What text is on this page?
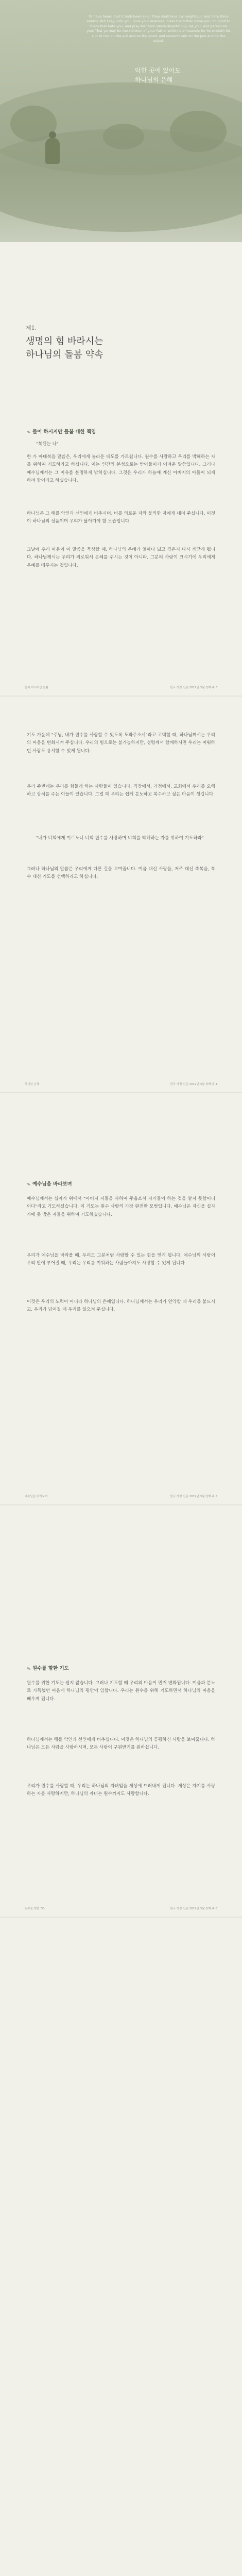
Ye have heard that it hath been said, Thou shalt love thy neighbour, and hate thine enemy. But I say unto you, Love your enemies, bless them that curse you, do good to them that hate you, and pray for them which despitefully use you, and persecute you; That ye may be the children of your Father which is in heaven: for he maketh his sun to rise on the evil and on the good, and sendeth rain on the just and on the unjust.
악한 곳에 있어도
하나님의 은혜
제1.
생명의 힘 바라시는
하나님의 돌봄 약속
들어 하시지만 돌봄 대한 책임
"복된는 나"
한 가 마태복음 말씀은, 우리에게 놀라운 태도를 가르칩니다. 원수를 사랑하고 우리를 박해하는 자를 위하여 기도하라고 하십니다. 이는 인간의 본성으로는 받아들이기 어려운 말씀입니다. 그러나 예수님께서는 그 이유를 분명하게 밝히십니다. 그것은 우리가 하늘에 계신 아버지의 아들이 되게 하려 함이라고 하셨습니다.
하나님은 그 해를 악인과 선인에게 비추시며, 비를 의로운 자와 불의한 자에게 내려 주십니다. 이것이 하나님의 성품이며 우리가 닮아가야 할 모습입니다.
그날에 우리 마음이 이 말씀을 묵상할 때, 하나님의 은혜가 얼마나 넓고 깊은지 다시 깨닫게 됩니다. 하나님께서는 우리가 의로워서 은혜를 주시는 것이 아니라, 그분의 사랑이 크시기에 우리에게 은혜를 베푸시는 것입니다.
들어 하시지만 돌봄	한국 가정 신문 2019년 3월 첫째 주 3
기도 가운데 "주님, 내가 원수를 사랑할 수 있도록 도와주소서"라고 고백할 때, 하나님께서는 우리의 마음을 변화시켜 주십니다. 우리의 힘으로는 불가능하지만, 성령께서 함께하시면 우리는 미워하던 사람도 용서할 수 있게 됩니다.
우리 주변에는 우리를 힘들게 하는 사람들이 있습니다. 직장에서, 가정에서, 교회에서 우리를 오해하고 상처를 주는 이들이 있습니다. 그럴 때 우리는 쉽게 분노하고 복수하고 싶은 마음이 생깁니다.
"내가 너희에게 이르노니 너희 원수를 사랑하며 너희를 박해하는 자를 위하여 기도하라"
그러나 하나님의 말씀은 우리에게 다른 길을 보여줍니다. 미움 대신 사랑을, 저주 대신 축복을, 복수 대신 기도를 선택하라고 하십니다.
하나님 은혜	한국 가정 신문 2019년 3월 첫째 주 4
예수님을 바라보며
예수님께서는 십자가 위에서 "아버지 저들을 사하여 주옵소서 자기들이 하는 것을 알지 못함이니이다"라고 기도하셨습니다. 이 기도는 원수 사랑의 가장 완전한 모범입니다. 예수님은 자신을 십자가에 못 박은 자들을 위하여 기도하셨습니다.
우리가 예수님을 바라볼 때, 우리도 그분처럼 사랑할 수 있는 힘을 얻게 됩니다. 예수님의 사랑이 우리 안에 부어질 때, 우리는 우리를 미워하는 사람들까지도 사랑할 수 있게 됩니다.
이것은 우리의 노력이 아니라 하나님의 은혜입니다. 하나님께서는 우리가 연약할 때 우리를 붙드시고, 우리가 넘어질 때 우리를 일으켜 주십니다.
예수님을 바라보며	한국 가정 신문 2019년 3월 첫째 주 5
원수를 향한 기도
원수를 위한 기도는 쉽지 않습니다. 그러나 기도할 때 우리의 마음이 먼저 변화됩니다. 미움과 분노로 가득했던 마음에 하나님의 평안이 임합니다. 우리는 원수를 위해 기도하면서 하나님의 마음을 배우게 됩니다.
하나님께서는 해를 악인과 선인에게 비추십니다. 이것은 하나님의 공평하신 사랑을 보여줍니다. 하나님은 모든 사람을 사랑하시며, 모든 사람이 구원받기를 원하십니다.
우리가 원수를 사랑할 때, 우리는 하나님의 자녀임을 세상에 드러내게 됩니다. 세상은 자기를 사랑하는 자를 사랑하지만, 하나님의 자녀는 원수까지도 사랑합니다.
원수를 향한 기도	한국 가정 신문 2019년 3월 첫째 주 6
